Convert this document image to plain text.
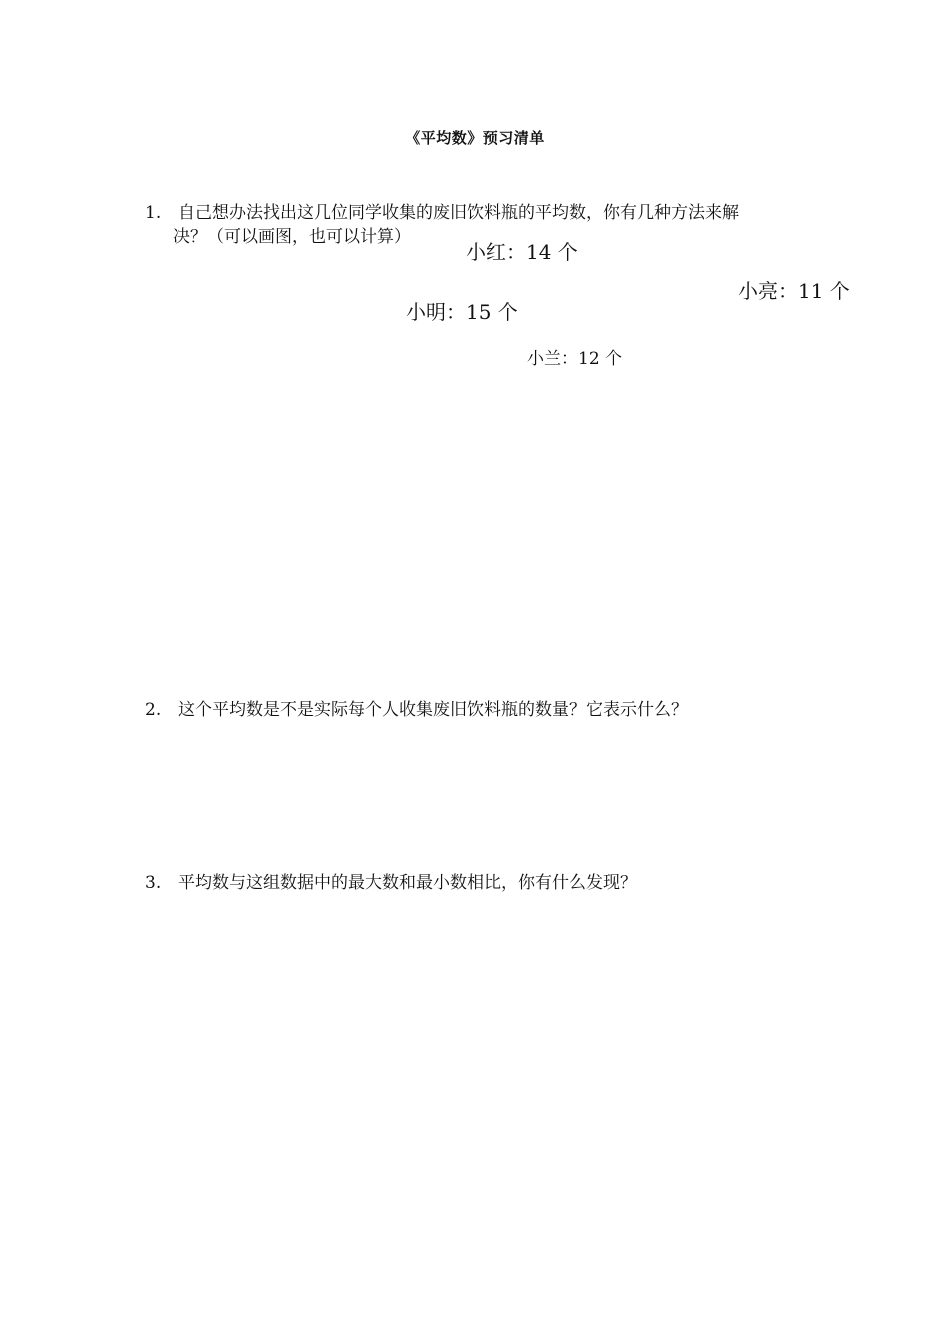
《平均数》预习清单
1. 自己想办法找出这几位同学收集的废旧饮料瓶的平均数，你有几种方法来解
决？（可以画图，也可以计算）
小红：14 个
小亮：11 个
小明：15 个
小兰：12 个
2. 这个平均数是不是实际每个人收集废旧饮料瓶的数量？它表示什么？
3. 平均数与这组数据中的最大数和最小数相比，你有什么发现？
